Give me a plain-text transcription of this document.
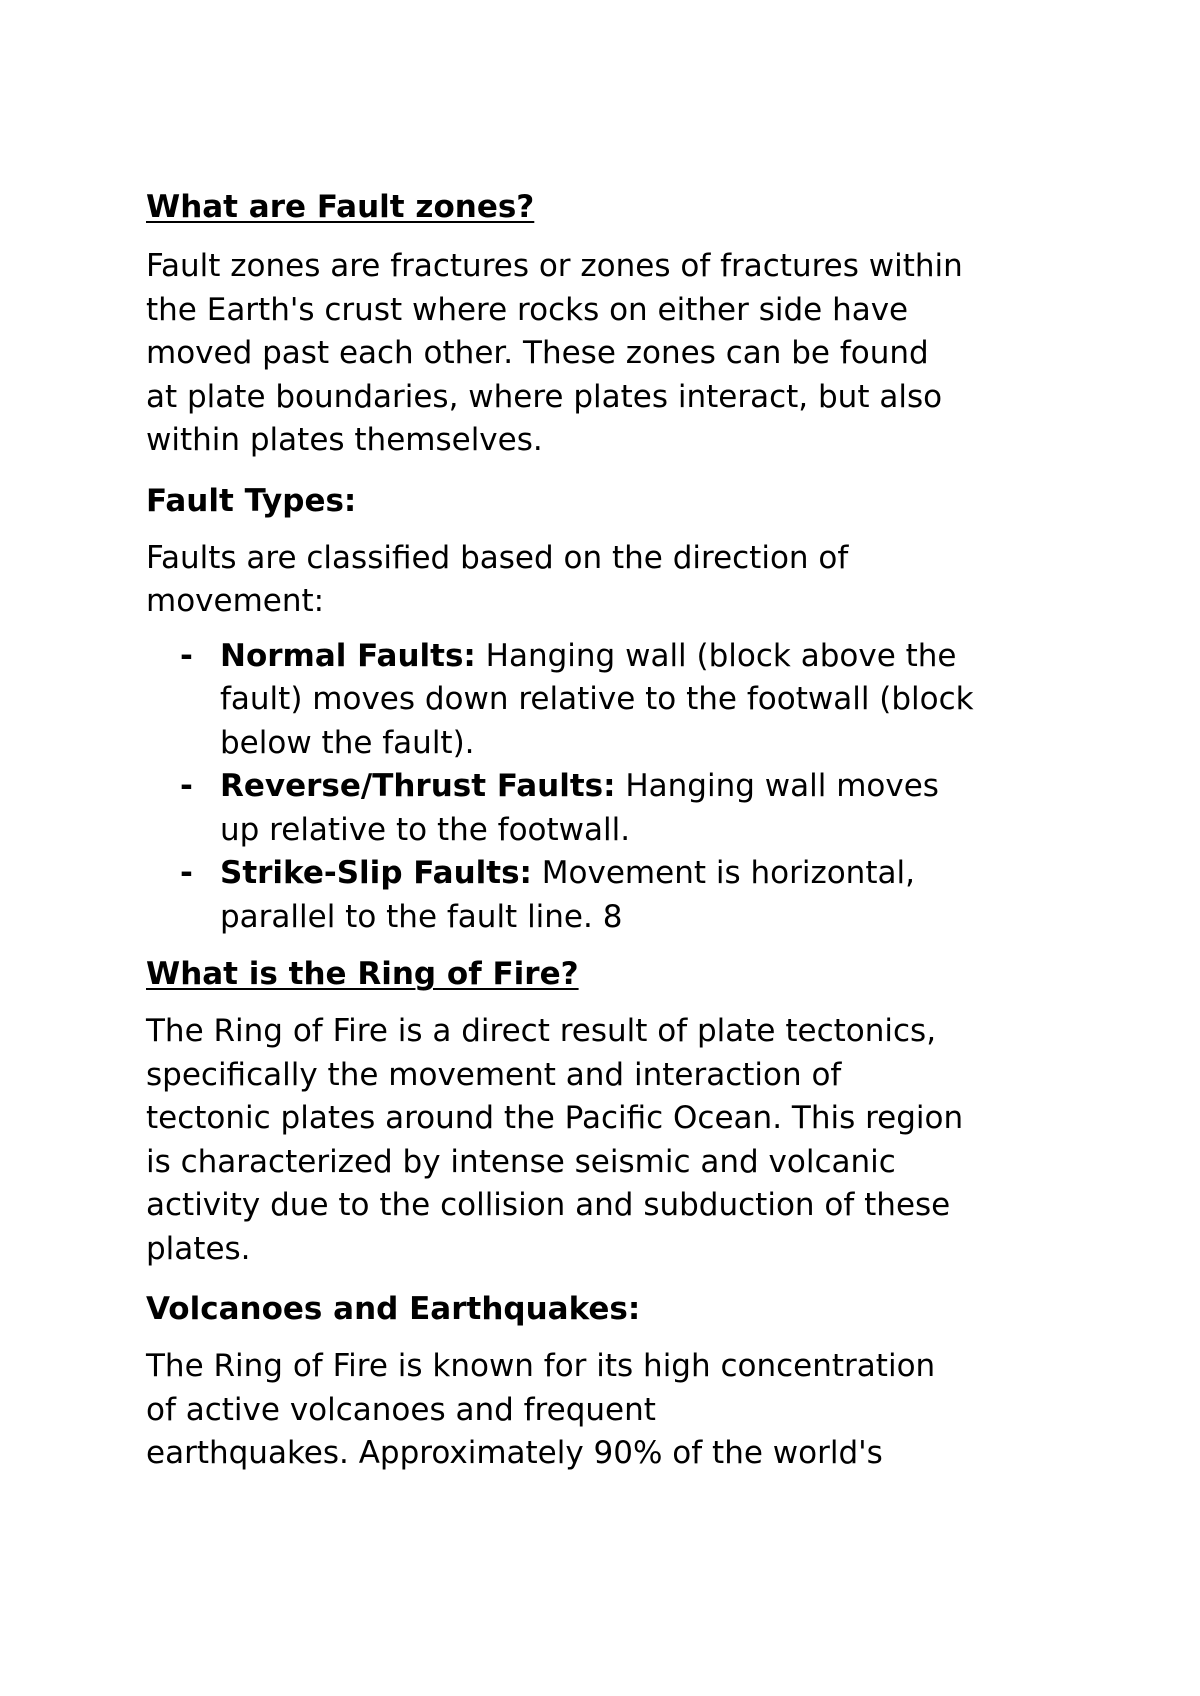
What are Fault zones?

Fault zones are fractures or zones of fractures within
the Earth's crust where rocks on either side have
moved past each other. These zones can be found
at plate boundaries, where plates interact, but also
within plates themselves.

Fault Types:

Faults are classified based on the direction of
movement:

- Normal Faults: Hanging wall (block above the
fault) moves down relative to the footwall (block
below the fault).
- Reverse/Thrust Faults: Hanging wall moves
up relative to the footwall.
- Strike-Slip Faults: Movement is horizontal,
parallel to the fault line. 8
What is the Ring of Fire?

The Ring of Fire is a direct result of plate tectonics,
specifically the movement and interaction of
tectonic plates around the Pacific Ocean. This region
is characterized by intense seismic and volcanic
activity due to the collision and subduction of these
plates.

Volcanoes and Earthquakes:

The Ring of Fire is known for its high concentration
of active volcanoes and frequent
earthquakes. Approximately 90% of the world's
